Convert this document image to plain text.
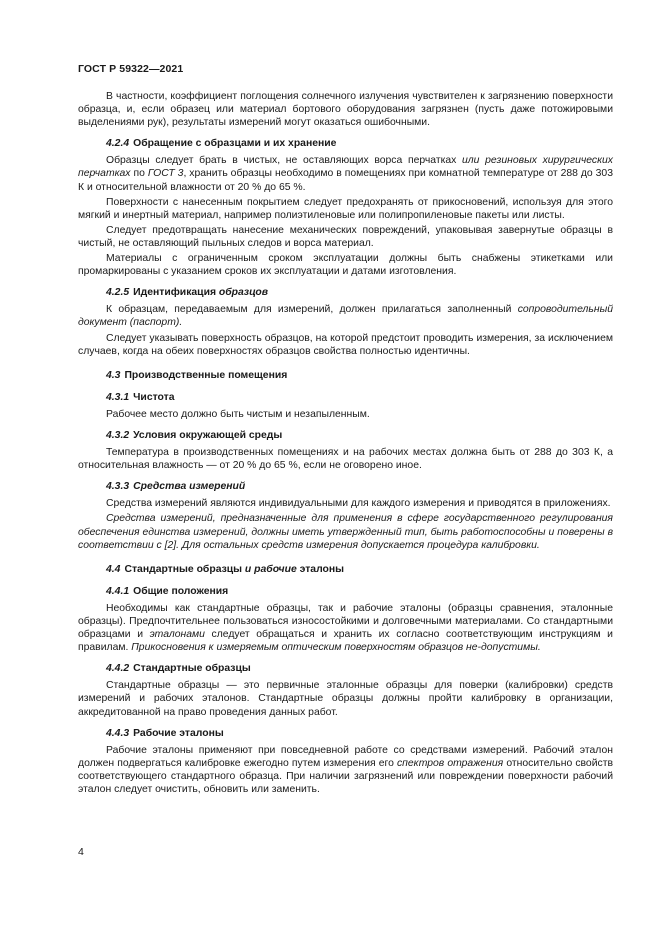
ГОСТ Р 59322—2021
В частности, коэффициент поглощения солнечного излучения чувствителен к загрязнению поверхности образца, и, если образец или материал бортового оборудования загрязнен (пусть даже потожировыми выделениями рук), результаты измерений могут оказаться ошибочными.
4.2.4 Обращение с образцами и их хранение
Образцы следует брать в чистых, не оставляющих ворса перчатках или резиновых хирургических перчатках по ГОСТ 3, хранить образцы необходимо в помещениях при комнатной температуре от 288 до 303 К и относительной влажности от 20 % до 65 %.
Поверхности с нанесенным покрытием следует предохранять от прикосновений, используя для этого мягкий и инертный материал, например полиэтиленовые или полипропиленовые пакеты или листы.
Следует предотвращать нанесение механических повреждений, упаковывая завернутые образцы в чистый, не оставляющий пыльных следов и ворса материал.
Материалы с ограниченным сроком эксплуатации должны быть снабжены этикетками или промаркированы с указанием сроков их эксплуатации и датами изготовления.
4.2.5 Идентификация образцов
К образцам, передаваемым для измерений, должен прилагаться заполненный сопроводительный документ (паспорт).
Следует указывать поверхность образцов, на которой предстоит проводить измерения, за исключением случаев, когда на обеих поверхностях образцов свойства полностью идентичны.
4.3 Производственные помещения
4.3.1 Чистота
Рабочее место должно быть чистым и незапыленным.
4.3.2 Условия окружающей среды
Температура в производственных помещениях и на рабочих местах должна быть от 288 до 303 К, а относительная влажность — от 20 % до 65 %, если не оговорено иное.
4.3.3 Средства измерений
Средства измерений являются индивидуальными для каждого измерения и приводятся в приложениях.
Средства измерений, предназначенные для применения в сфере государственного регулирования обеспечения единства измерений, должны иметь утвержденный тип, быть работоспособны и поверены в соответствии с [2]. Для остальных средств измерения допускается процедура калибровки.
4.4 Стандартные образцы и рабочие эталоны
4.4.1 Общие положения
Необходимы как стандартные образцы, так и рабочие эталоны (образцы сравнения, эталонные образцы). Предпочтительнее пользоваться износостойкими и долговечными материалами. Со стандартными образцами и эталонами следует обращаться и хранить их согласно соответствующим инструкциям и правилам. Прикосновения к измеряемым оптическим поверхностям образцов не-допустимы.
4.4.2 Стандартные образцы
Стандартные образцы — это первичные эталонные образцы для поверки (калибровки) средств измерений и рабочих эталонов. Стандартные образцы должны пройти калибровку в организации, аккредитованной на право проведения данных работ.
4.4.3 Рабочие эталоны
Рабочие эталоны применяют при повседневной работе со средствами измерений. Рабочий эталон должен подвергаться калибровке ежегодно путем измерения его спектров отражения относительно свойств соответствующего стандартного образца. При наличии загрязнений или повреждении поверхности рабочий эталон следует очистить, обновить или заменить.
4
